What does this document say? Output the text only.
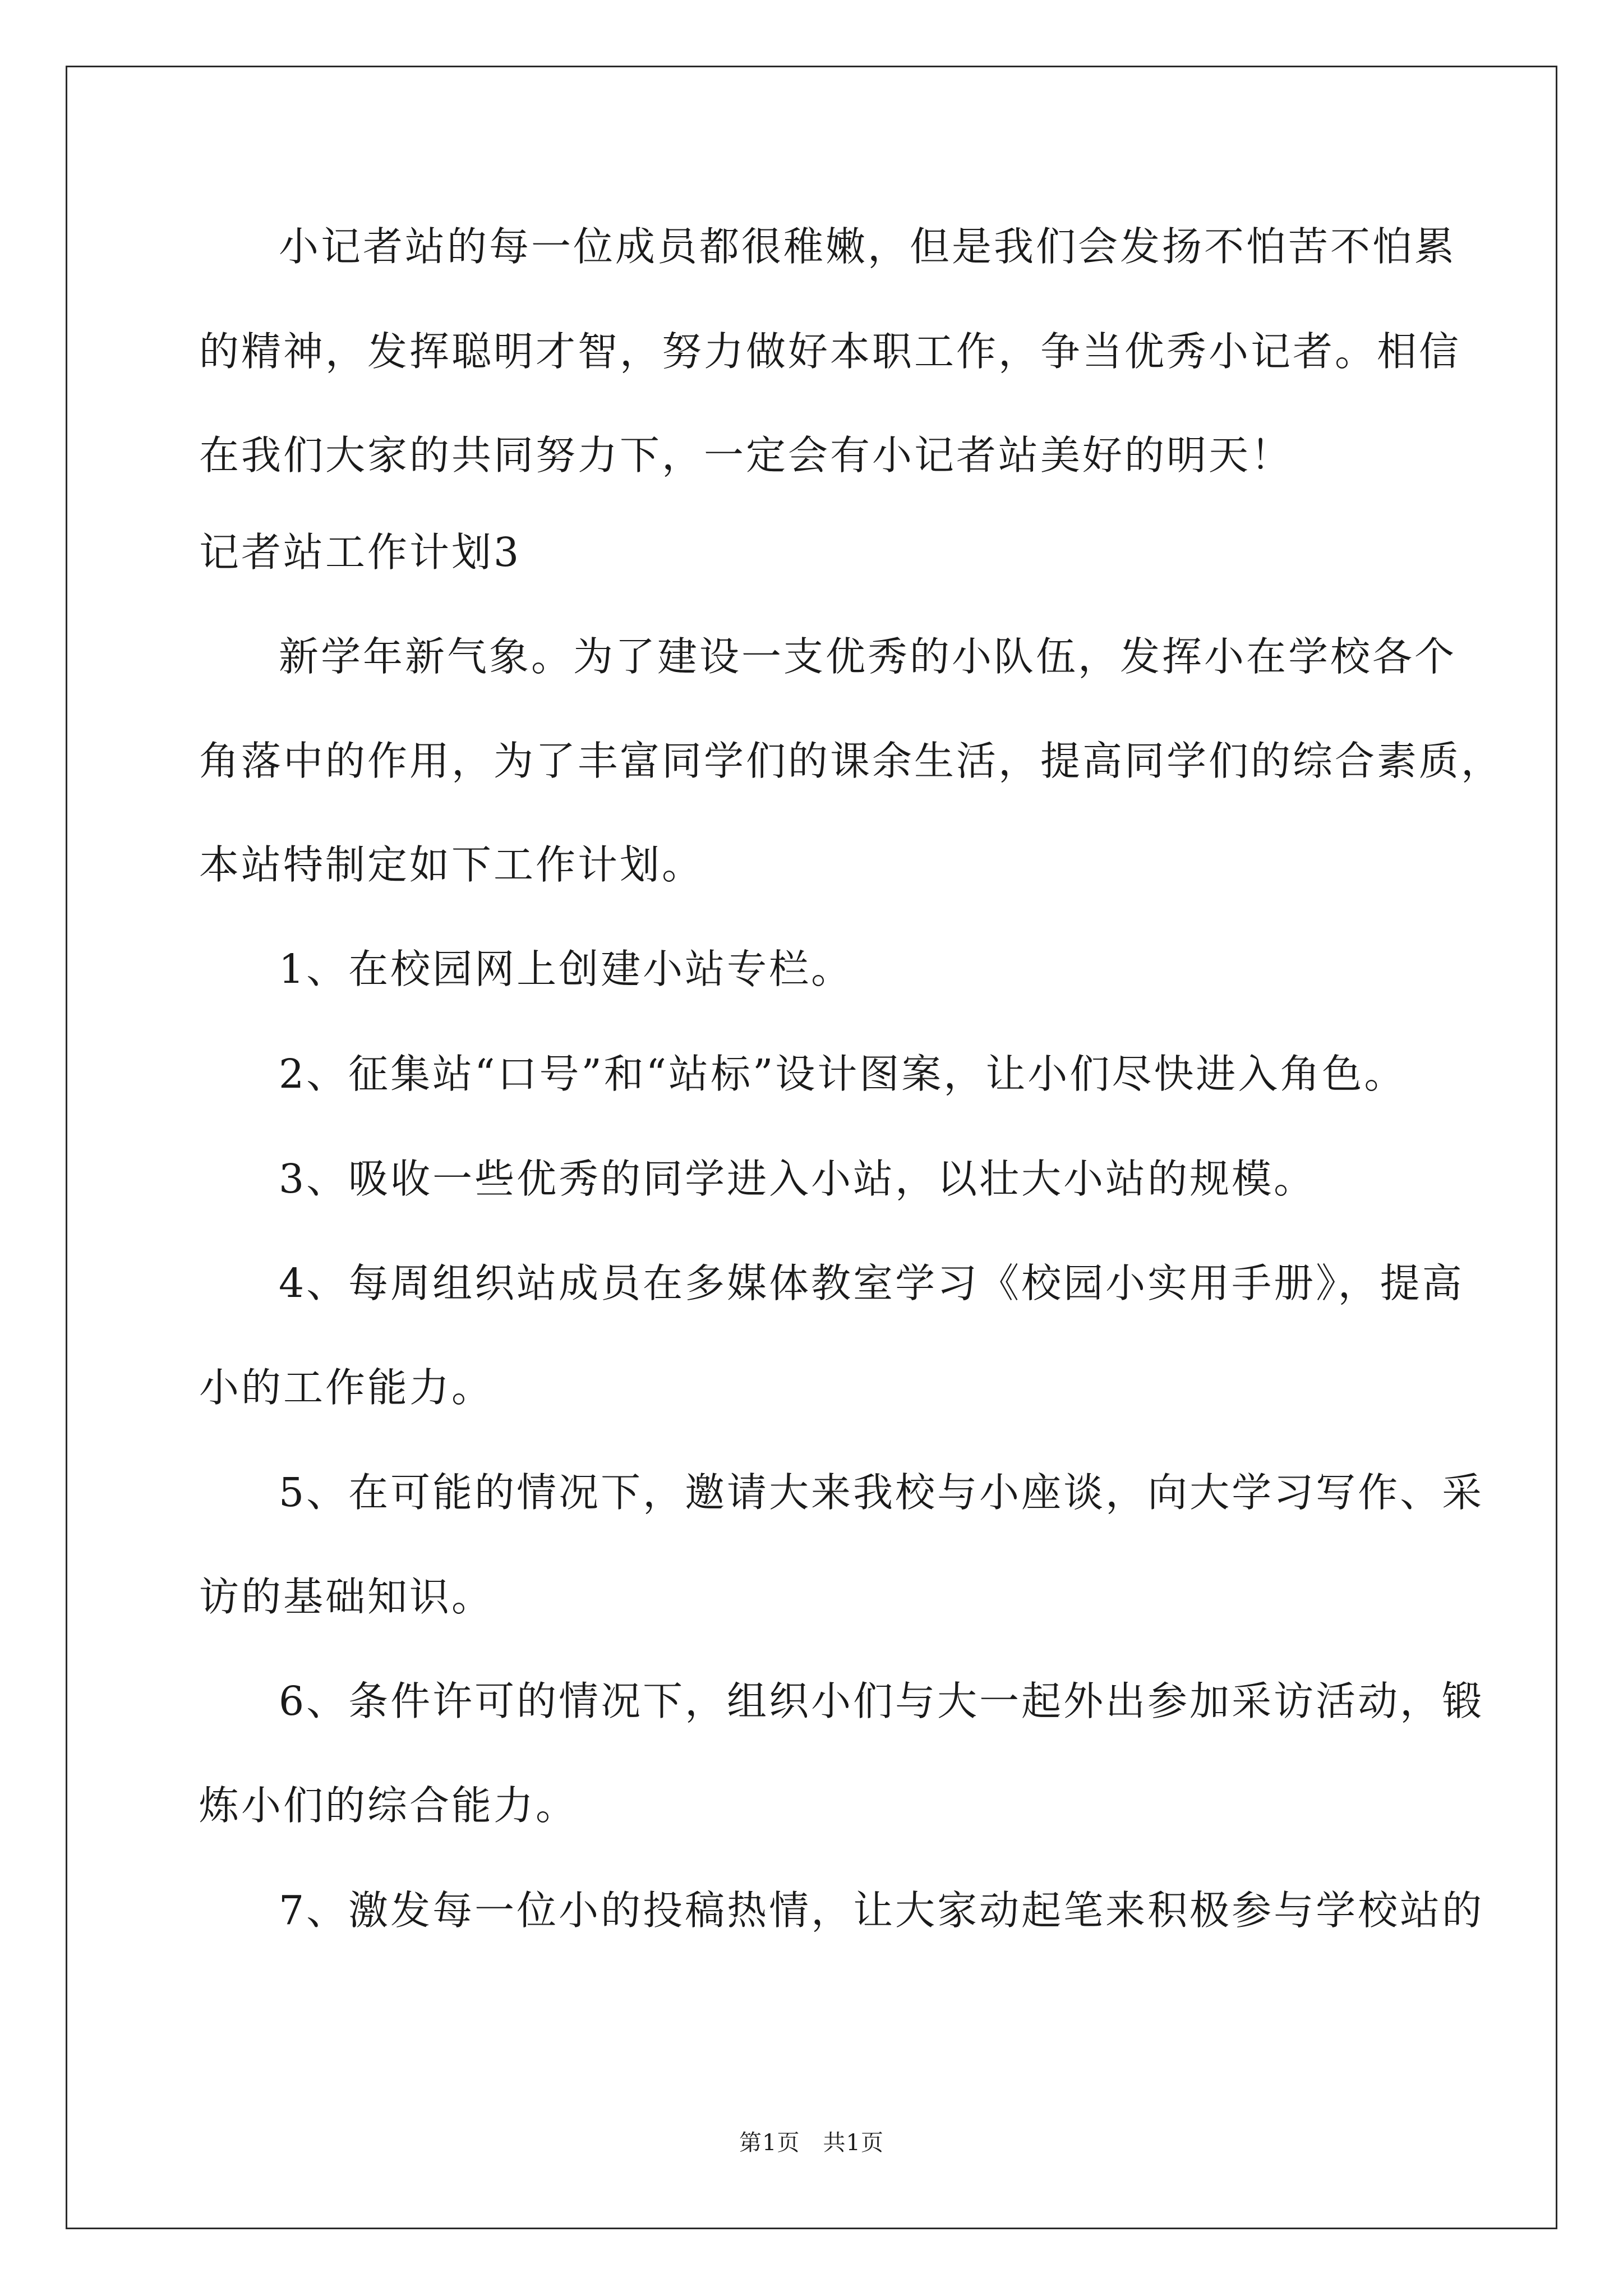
小记者站的每一位成员都很稚嫩，但是我们会发扬不怕苦不怕累
的精神，发挥聪明才智，努力做好本职工作，争当优秀小记者。相信
在我们大家的共同努力下，一定会有小记者站美好的明天！
记者站工作计划3
新学年新气象。为了建设一支优秀的小队伍，发挥小在学校各个
角落中的作用，为了丰富同学们的课余生活，提高同学们的综合素质，
本站特制定如下工作计划。
1、在校园网上创建小站专栏。
2、征集站“口号”和“站标”设计图案，让小们尽快进入角色。
3、吸收一些优秀的同学进入小站，以壮大小站的规模。
4、每周组织站成员在多媒体教室学习《校园小实用手册》，提高
小的工作能力。
5、在可能的情况下，邀请大来我校与小座谈，向大学习写作、采
访的基础知识。
6、条件许可的情况下，组织小们与大一起外出参加采访活动，锻
炼小们的综合能力。
7、激发每一位小的投稿热情，让大家动起笔来积极参与学校站的
第1页　共1页
